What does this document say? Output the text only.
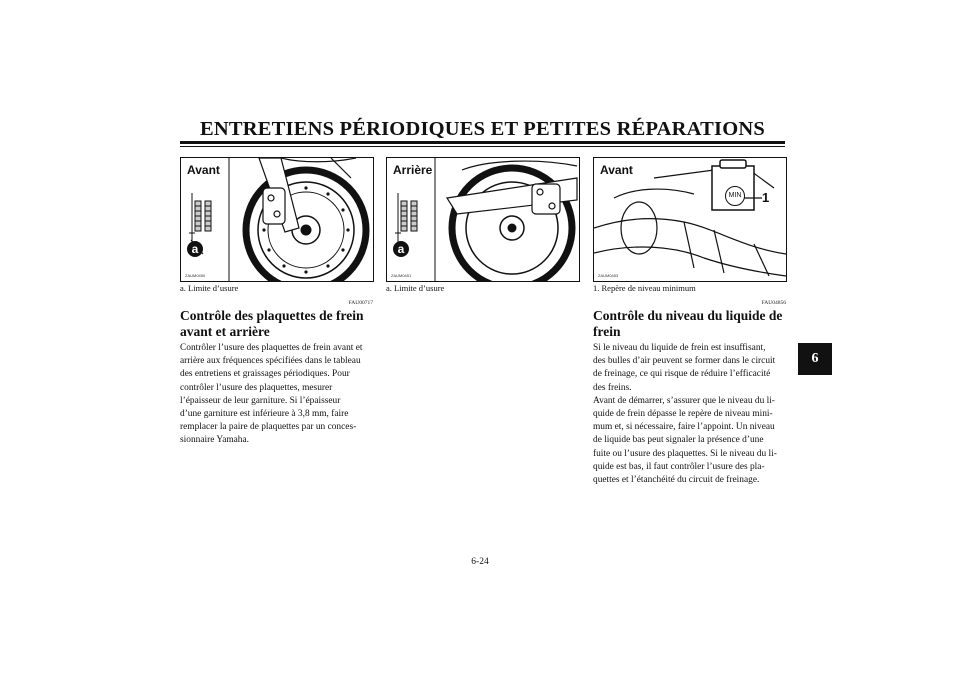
ENTRETIENS PÉRIODIQUES ET PETITES RÉPARATIONS
Avant
a
ZAUM0450
Arrière
a
ZAUM0451
Avant
MIN 1
ZAUM0453
a. Limite d’usure	a. Limite d’usure	1. Repère de niveau minimum
FAU00717
Contrôle des plaquettes de frein
avant et arrière
Contrôler l’usure des plaquettes de frein avant et
arrière aux fréquences spécifiées dans le tableau
des entretiens et graissages périodiques. Pour
contrôler l’usure des plaquettes, mesurer
l’épaisseur de leur garniture. Si l’épaisseur
d’une garniture est inférieure à 3,8 mm, faire
remplacer la paire de plaquettes par un conces-
sionnaire Yamaha.
FAU04856
Contrôle du niveau du liquide de
frein
Si le niveau du liquide de frein est insuffisant,
des bulles d’air peuvent se former dans le circuit
de freinage, ce qui risque de réduire l’efficacité
des freins.
Avant de démarrer, s’assurer que le niveau du li-
quide de frein dépasse le repère de niveau mini-
mum et, si nécessaire, faire l’appoint. Un niveau
de liquide bas peut signaler la présence d’une
fuite ou l’usure des plaquettes. Si le niveau du li-
quide est bas, il faut contrôler l’usure des pla-
quettes et l’étanchéité du circuit de freinage.
6
6-24
